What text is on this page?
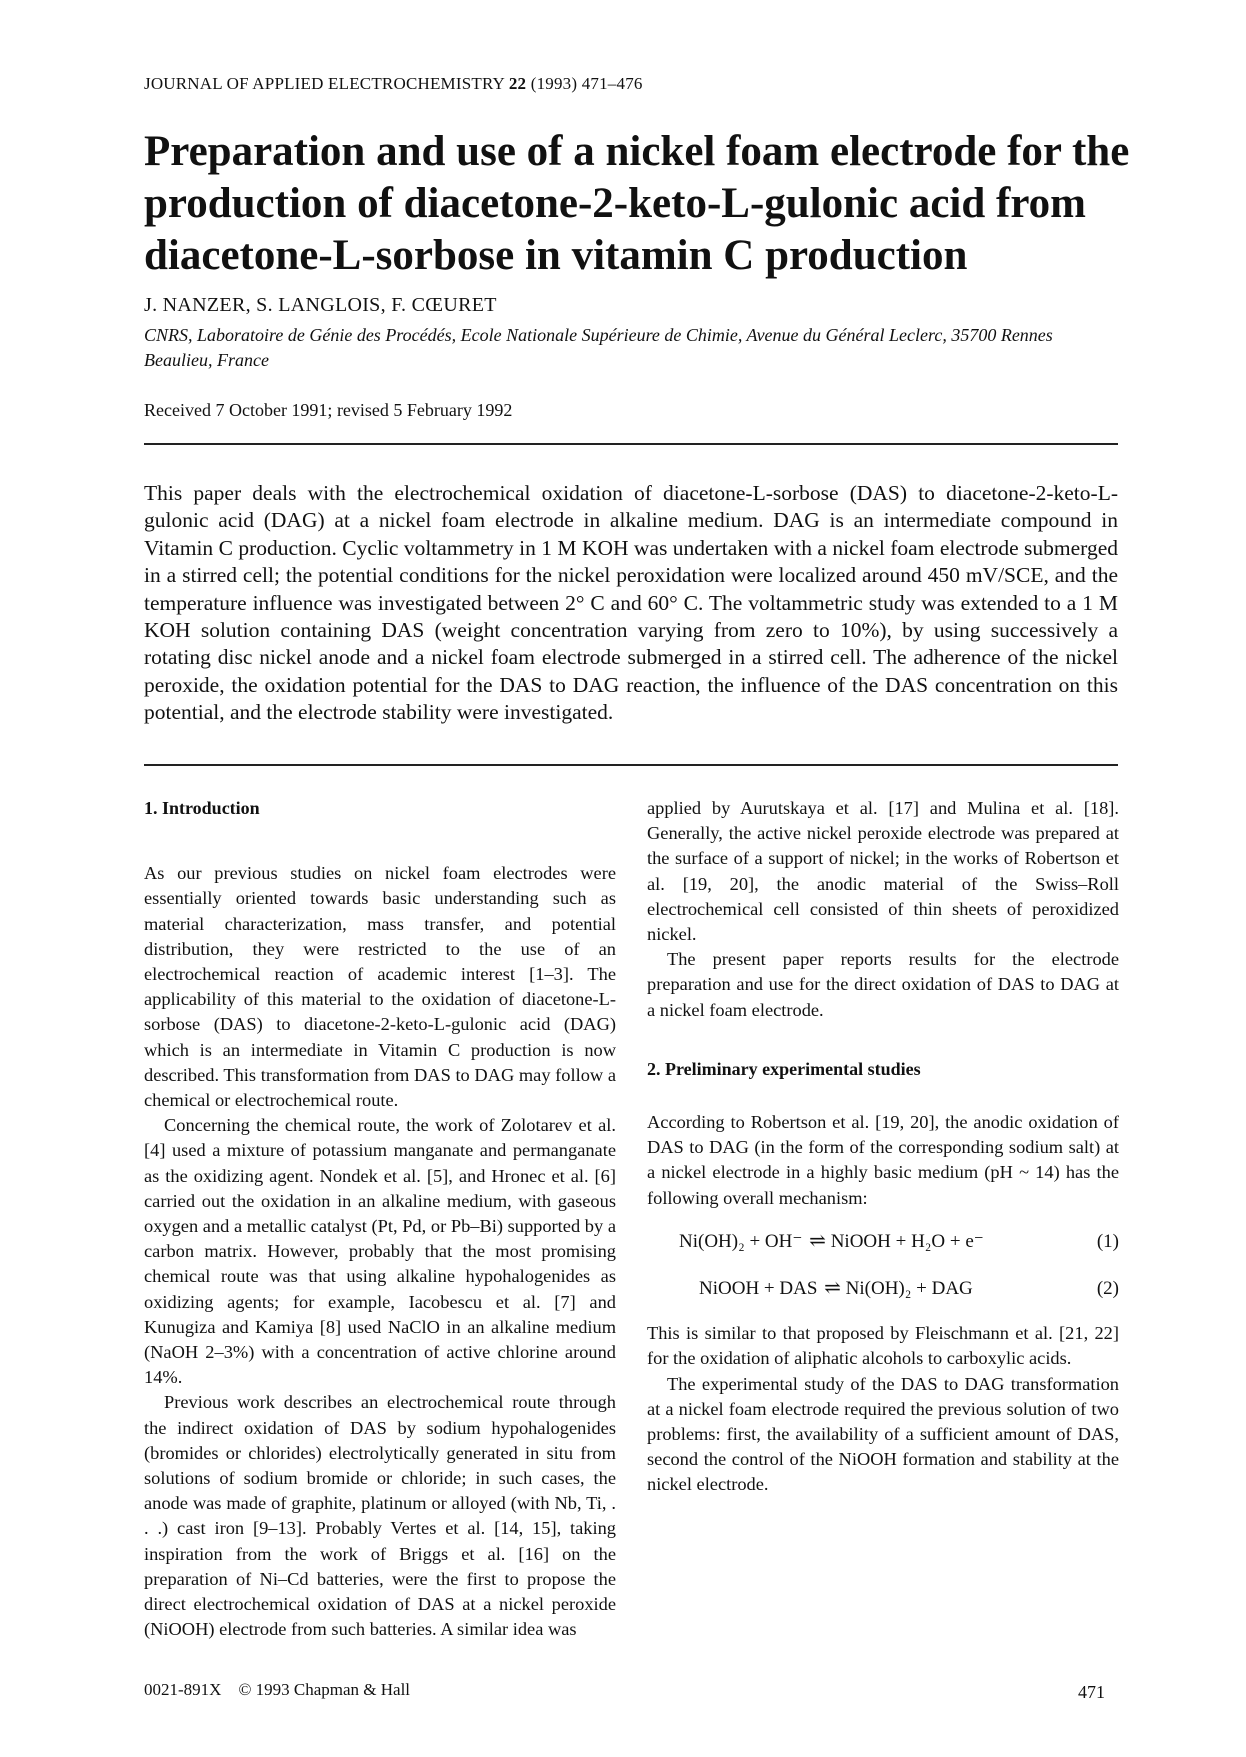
JOURNAL OF APPLIED ELECTROCHEMISTRY 22 (1993) 471–476
Preparation and use of a nickel foam electrode for the production of diacetone-2-keto-L-gulonic acid from diacetone-L-sorbose in vitamin C production
J. NANZER, S. LANGLOIS, F. CŒURET
CNRS, Laboratoire de Génie des Procédés, Ecole Nationale Supérieure de Chimie, Avenue du Général Leclerc, 35700 Rennes Beaulieu, France
Received 7 October 1991; revised 5 February 1992
This paper deals with the electrochemical oxidation of diacetone-L-sorbose (DAS) to diacetone-2-keto-L-gulonic acid (DAG) at a nickel foam electrode in alkaline medium. DAG is an intermediate compound in Vitamin C production. Cyclic voltammetry in 1 M KOH was undertaken with a nickel foam electrode submerged in a stirred cell; the potential conditions for the nickel peroxidation were localized around 450 mV/SCE, and the temperature influence was investigated between 2° C and 60° C. The voltammetric study was extended to a 1 M KOH solution containing DAS (weight concentration varying from zero to 10%), by using successively a rotating disc nickel anode and a nickel foam electrode submerged in a stirred cell. The adherence of the nickel peroxide, the oxidation potential for the DAS to DAG reaction, the influence of the DAS concentration on this potential, and the electrode stability were investigated.
1. Introduction

As our previous studies on nickel foam electrodes were essentially oriented towards basic understanding such as material characterization, mass transfer, and potential distribution, they were restricted to the use of an electrochemical reaction of academic interest [1–3]. The applicability of this material to the oxidation of diacetone-L-sorbose (DAS) to diacetone-2-keto-L-gulonic acid (DAG) which is an intermediate in Vitamin C production is now described. This transformation from DAS to DAG may follow a chemical or electrochemical route.

Concerning the chemical route, the work of Zolotarev et al. [4] used a mixture of potassium manganate and permanganate as the oxidizing agent. Nondek et al. [5], and Hronec et al. [6] carried out the oxidation in an alkaline medium, with gaseous oxygen and a metallic catalyst (Pt, Pd, or Pb–Bi) supported by a carbon matrix. However, probably that the most promising chemical route was that using alkaline hypohalogenides as oxidizing agents; for example, Iacobescu et al. [7] and Kunugiza and Kamiya [8] used NaClO in an alkaline medium (NaOH 2–3%) with a concentration of active chlorine around 14%.

Previous work describes an electrochemical route through the indirect oxidation of DAS by sodium hypohalogenides (bromides or chlorides) electrolytically generated in situ from solutions of sodium bromide or chloride; in such cases, the anode was made of graphite, platinum or alloyed (with Nb, Ti, . . .) cast iron [9–13]. Probably Vertes et al. [14, 15], taking inspiration from the work of Briggs et al. [16] on the preparation of Ni–Cd batteries, were the first to propose the direct electrochemical oxidation of DAS at a nickel peroxide (NiOOH) electrode from such batteries. A similar idea was

applied by Aurutskaya et al. [17] and Mulina et al. [18]. Generally, the active nickel peroxide electrode was prepared at the surface of a support of nickel; in the works of Robertson et al. [19, 20], the anodic material of the Swiss–Roll electrochemical cell consisted of thin sheets of peroxidized nickel.

The present paper reports results for the electrode preparation and use for the direct oxidation of DAS to DAG at a nickel foam electrode.

2. Preliminary experimental studies

According to Robertson et al. [19, 20], the anodic oxidation of DAS to DAG (in the form of the corresponding sodium salt) at a nickel electrode in a highly basic medium (pH ~ 14) has the following overall mechanism:

Ni(OH)₂ + OH⁻ ⇌ NiOOH + H₂O + e⁻	(1)
NiOOH + DAS ⇌ Ni(OH)₂ + DAG	(2)

This is similar to that proposed by Fleischmann et al. [21, 22] for the oxidation of aliphatic alcohols to carboxylic acids.

The experimental study of the DAS to DAG transformation at a nickel foam electrode required the previous solution of two problems: first, the availability of a sufficient amount of DAS, second the control of the NiOOH formation and stability at the nickel electrode.

0021-891X © 1993 Chapman & Hall	471
